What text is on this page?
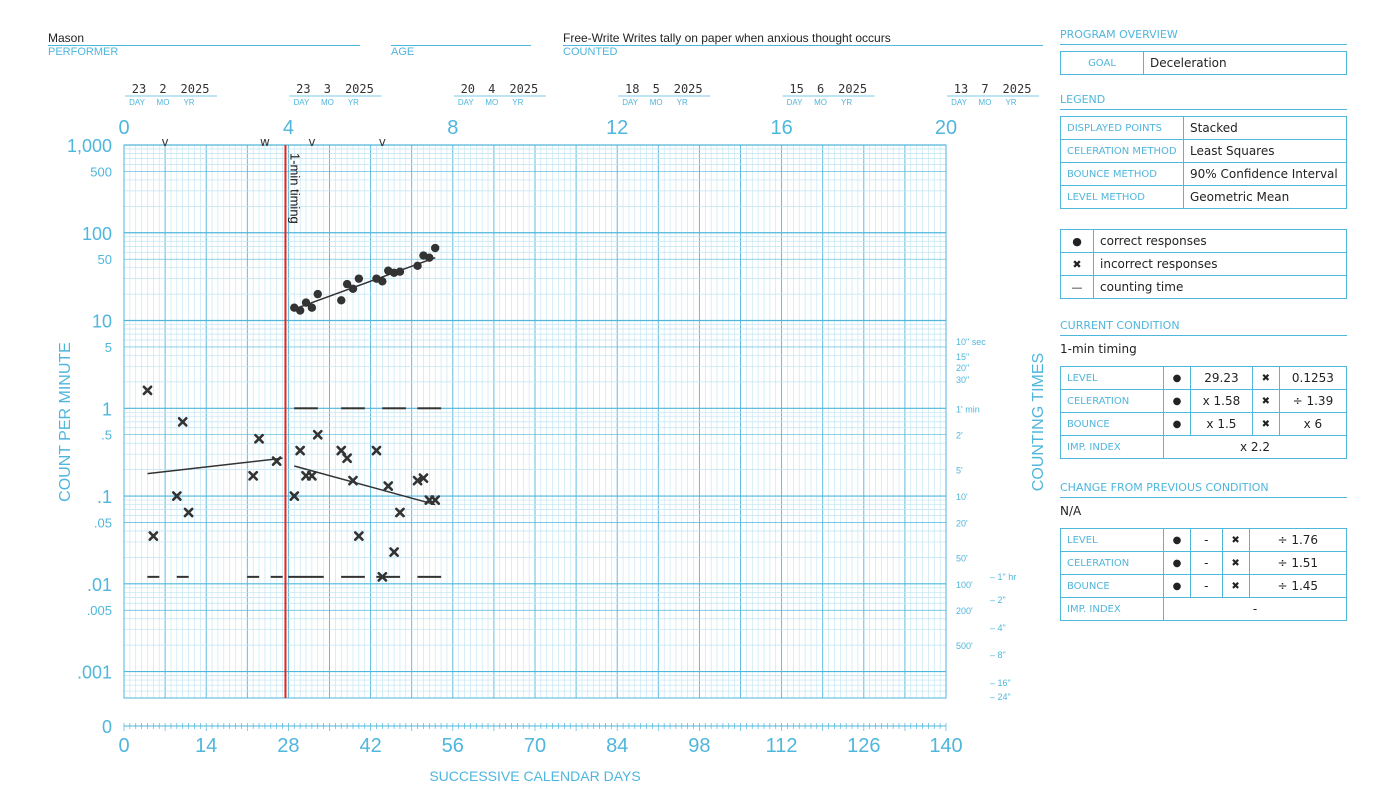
Mason
PERFORMER	AGE
Free-Write Writes tally on paper when anxious thought occurs
COUNTED
0
0	14	28	42	56	70	84	98	112 126 140
SUCCESSIVE CALENDAR DAYS
0	4	8	12	16	20
23 2 2025
DAY MO YR
23 3 2025
DAY MO YR
20 4 2025
DAY MO YR
18 5 2025
DAY MO YR
15 6 2025
DAY MO YR
13 7 2025
DAY MO YR
v	w	v	v
1,000
500
100
50
10
5
1
.5
.1
.05
.01
.005
.001
COUNT PER MINUTE	COUNTING TIMES
10" sec
15"
20"
30"
1' min
2'
5'
10'
20'
50'
100'
200'
500'
– 1" hr
– 2"
– 4"
– 8"
– 16"
– 24"
1-min timing
PROGRAM OVERVIEW
GOAL	Deceleration
LEGEND
DISPLAYED POINTS	Stacked
CELERATION METHOD	Least Squares
BOUNCE METHOD	90% Confidence Interval
LEVEL METHOD	Geometric Mean
●	correct responses
✖	incorrect responses
—	counting time
CURRENT CONDITION
1-min timing
LEVEL	●	29.23	✖	0.1253
CELERATION	●	x 1.58	✖	÷ 1.39
BOUNCE	●	x 1.5	✖	x 6
IMP. INDEX	x 2.2			
CHANGE FROM PREVIOUS CONDITION
N/A
LEVEL	●	-	✖	÷ 1.76
CELERATION	●	-	✖	÷ 1.51
BOUNCE	●	-	✖	÷ 1.45
IMP. INDEX	-			
